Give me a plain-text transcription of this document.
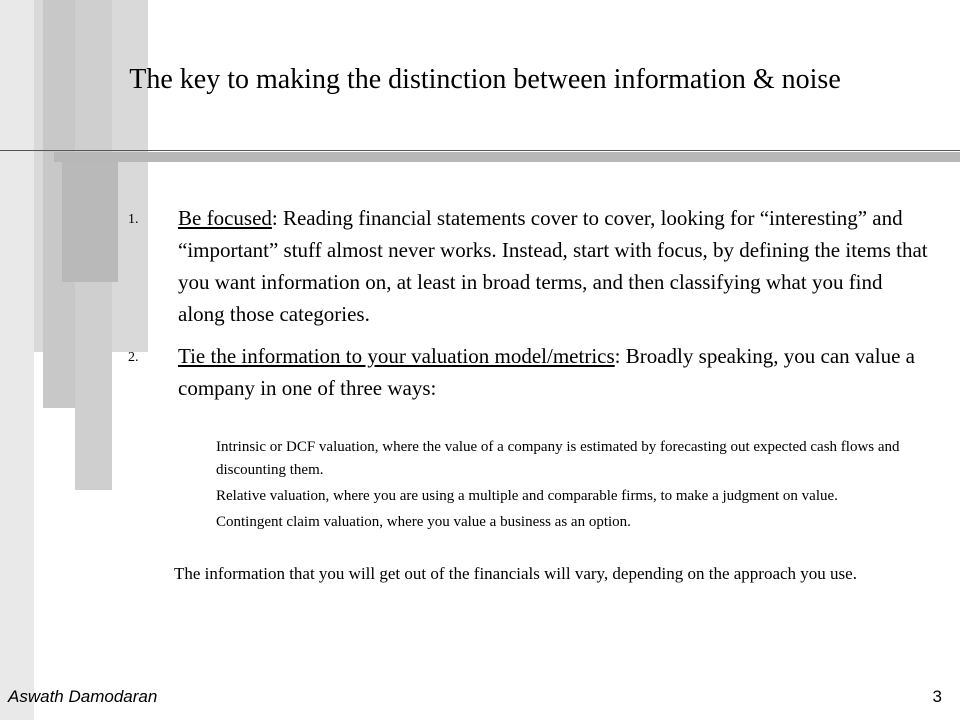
The key to making the distinction between information & noise
1. Be focused: Reading financial statements cover to cover, looking for “interesting” and “important” stuff almost never works. Instead, start with focus, by defining the items that you want information on, at least in broad terms, and then classifying what you find along those categories.
2. Tie the information to your valuation model/metrics: Broadly speaking, you can value a company in one of three ways:
Intrinsic or DCF valuation, where the value of a company is estimated by forecasting out expected cash flows and discounting them.
Relative valuation, where you are using a multiple and comparable firms, to make a judgment on value.
Contingent claim valuation, where you value a business as an option.
The information that you will get out of the financials will vary, depending on the approach you use.
Aswath Damodaran	3
